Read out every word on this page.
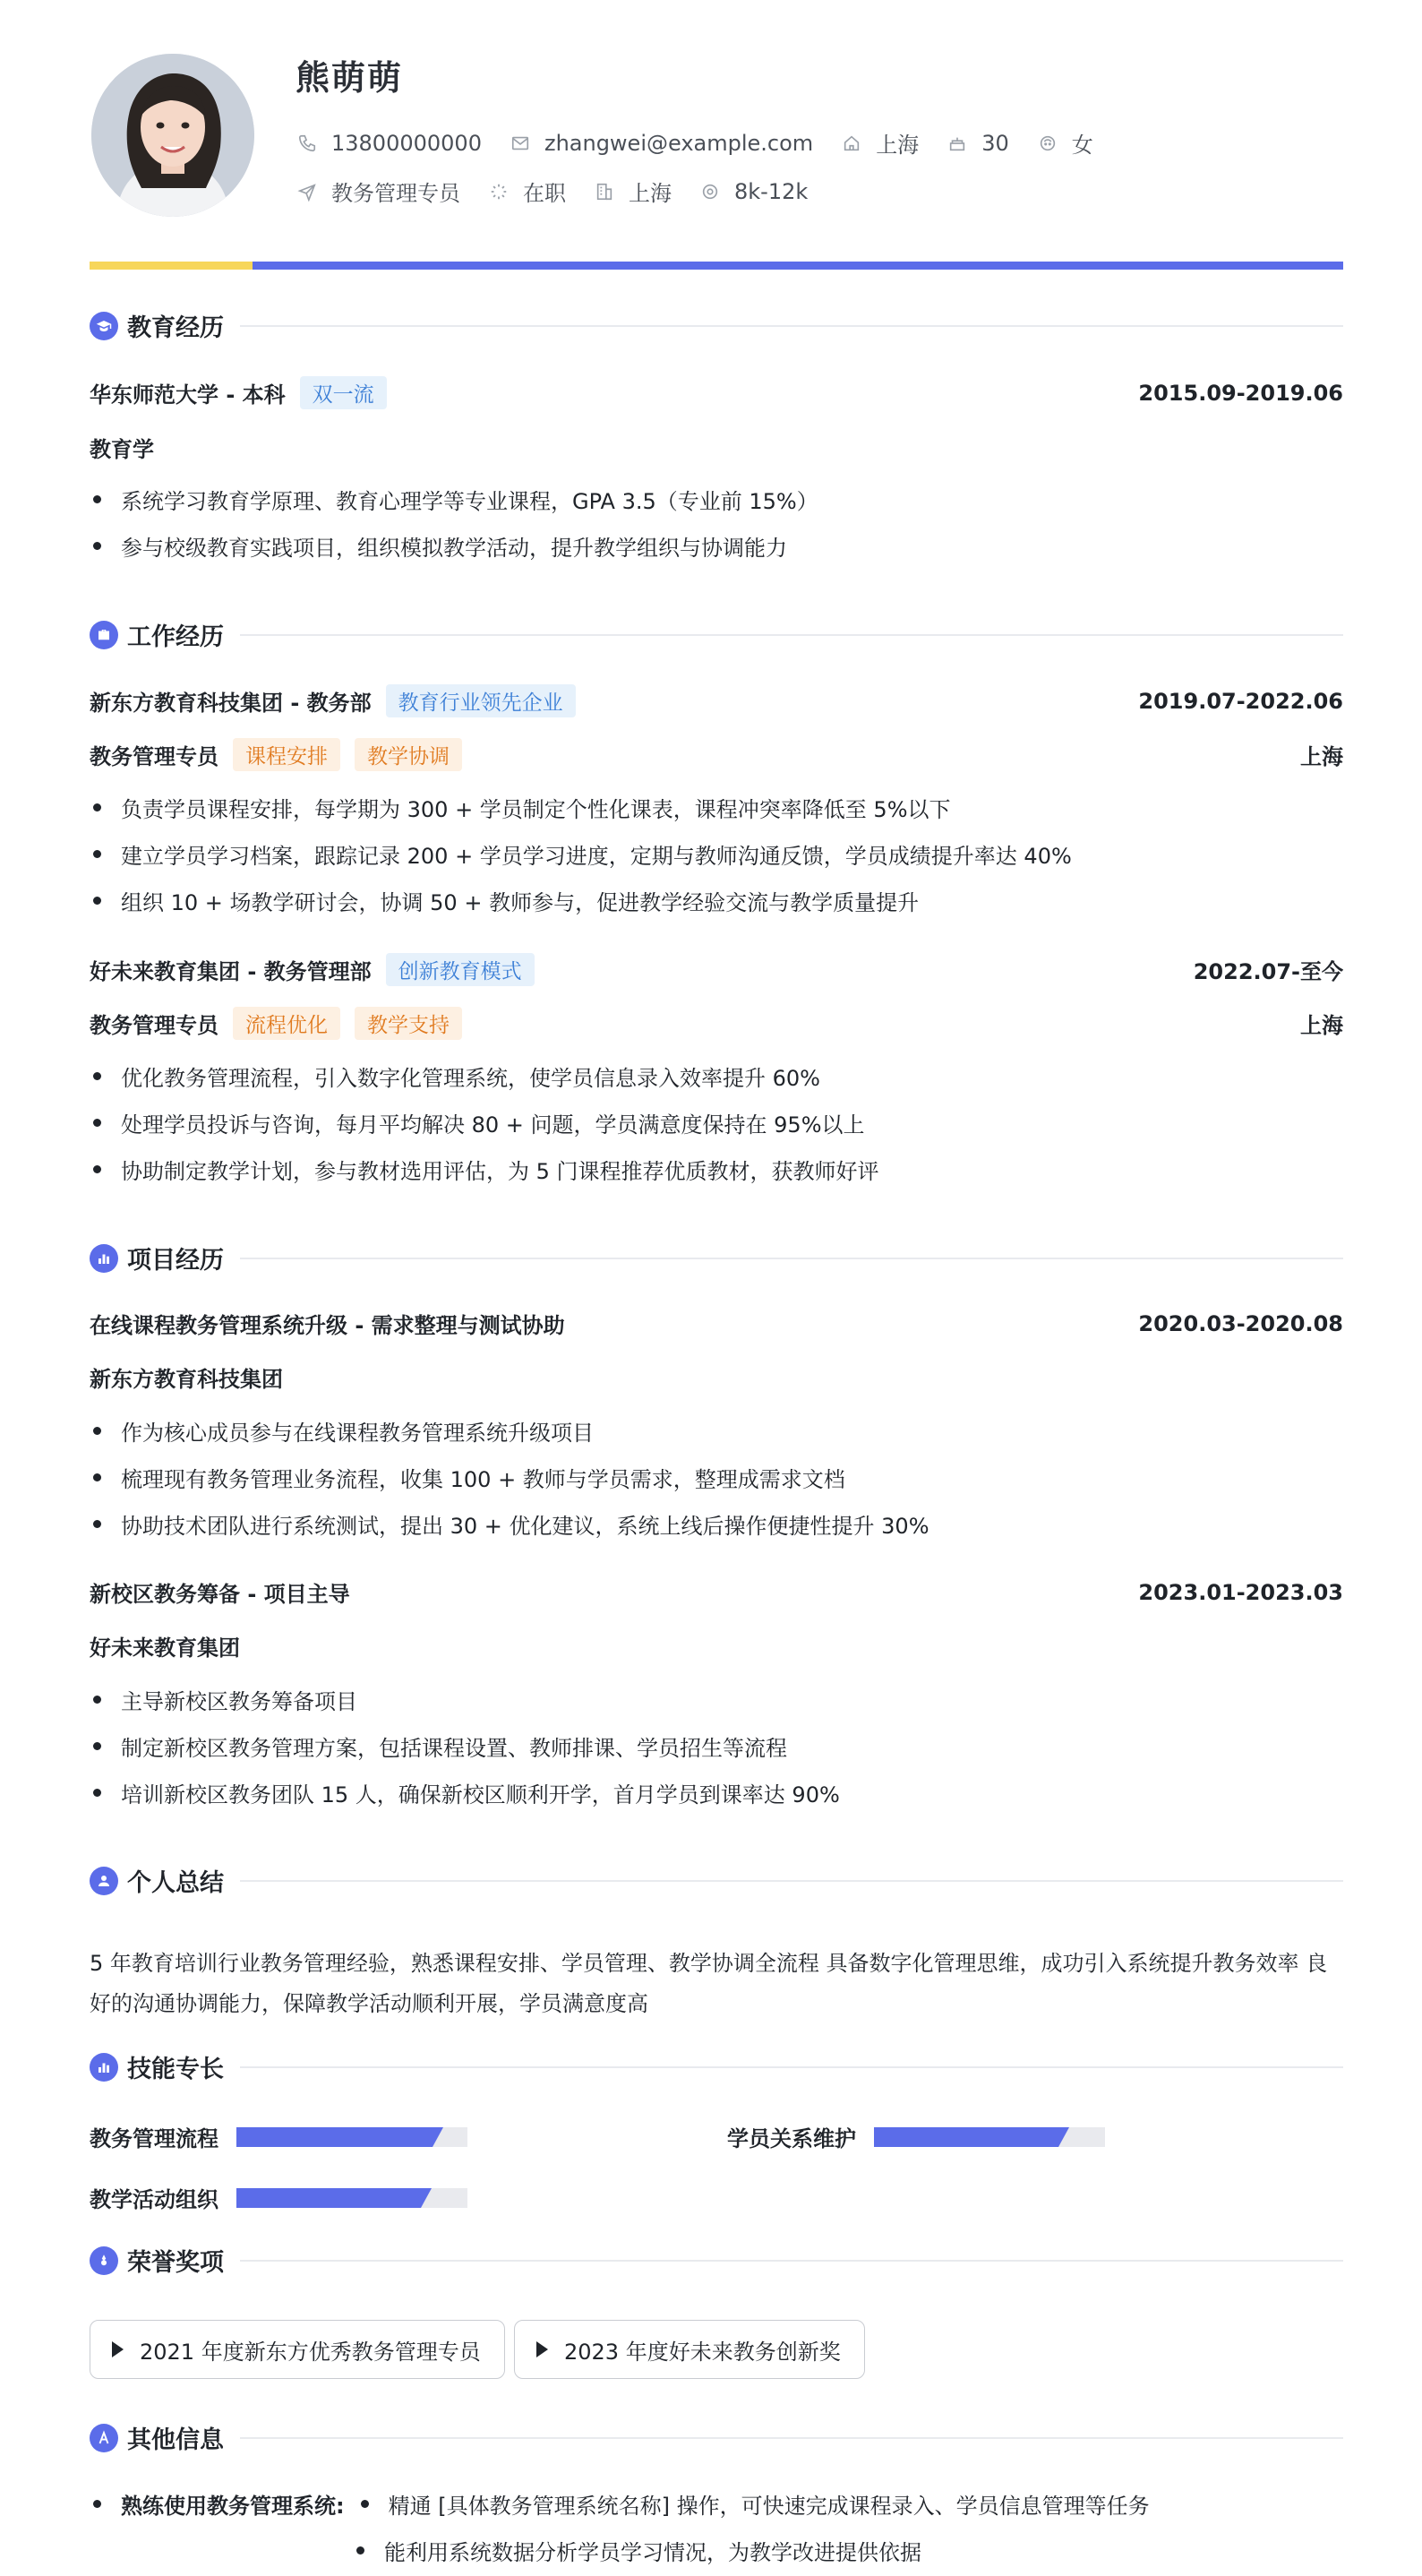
熊萌萌
13800000000	zhangwei@example.com	上海	30	女
教务管理专员	在职	上海	8k-12k
教育经历
华东师范大学 - 本科	双一流	2015.09-2019.06
教育学
系统学习教育学原理、教育心理学等专业课程，GPA 3.5（专业前 15%）
参与校级教育实践项目，组织模拟教学活动，提升教学组织与协调能力
工作经历
新东方教育科技集团 - 教务部	教育行业领先企业	2019.07-2022.06
教务管理专员	课程安排	教学协调	上海
负责学员课程安排，每学期为 300 + 学员制定个性化课表，课程冲突率降低至 5%以下
建立学员学习档案，跟踪记录 200 + 学员学习进度，定期与教师沟通反馈，学员成绩提升率达 40%
组织 10 + 场教学研讨会，协调 50 + 教师参与，促进教学经验交流与教学质量提升
好未来教育集团 - 教务管理部	创新教育模式	2022.07-至今
教务管理专员	流程优化	教学支持	上海
优化教务管理流程，引入数字化管理系统，使学员信息录入效率提升 60%
处理学员投诉与咨询，每月平均解决 80 + 问题，学员满意度保持在 95%以上
协助制定教学计划，参与教材选用评估，为 5 门课程推荐优质教材，获教师好评
项目经历
在线课程教务管理系统升级 - 需求整理与测试协助	2020.03-2020.08
新东方教育科技集团
作为核心成员参与在线课程教务管理系统升级项目
梳理现有教务管理业务流程，收集 100 + 教师与学员需求，整理成需求文档
协助技术团队进行系统测试，提出 30 + 优化建议，系统上线后操作便捷性提升 30%
新校区教务筹备 - 项目主导	2023.01-2023.03
好未来教育集团
主导新校区教务筹备项目
制定新校区教务管理方案，包括课程设置、教师排课、学员招生等流程
培训新校区教务团队 15 人，确保新校区顺利开学，首月学员到课率达 90%
个人总结
5 年教育培训行业教务管理经验，熟悉课程安排、学员管理、教学协调全流程 具备数字化管理思维，成功引入系统提升教务效率 良好的沟通协调能力，保障教学活动顺利开展，学员满意度高
技能专长
教务管理流程	学员关系维护
教学活动组织
荣誉奖项
2021 年度新东方优秀教务管理专员	2023 年度好未来教务创新奖
其他信息
熟练使用教务管理系统: 精通 [具体教务管理系统名称] 操作，可快速完成课程录入、学员信息管理等任务
能利用系统数据分析学员学习情况，为教学改进提供依据
